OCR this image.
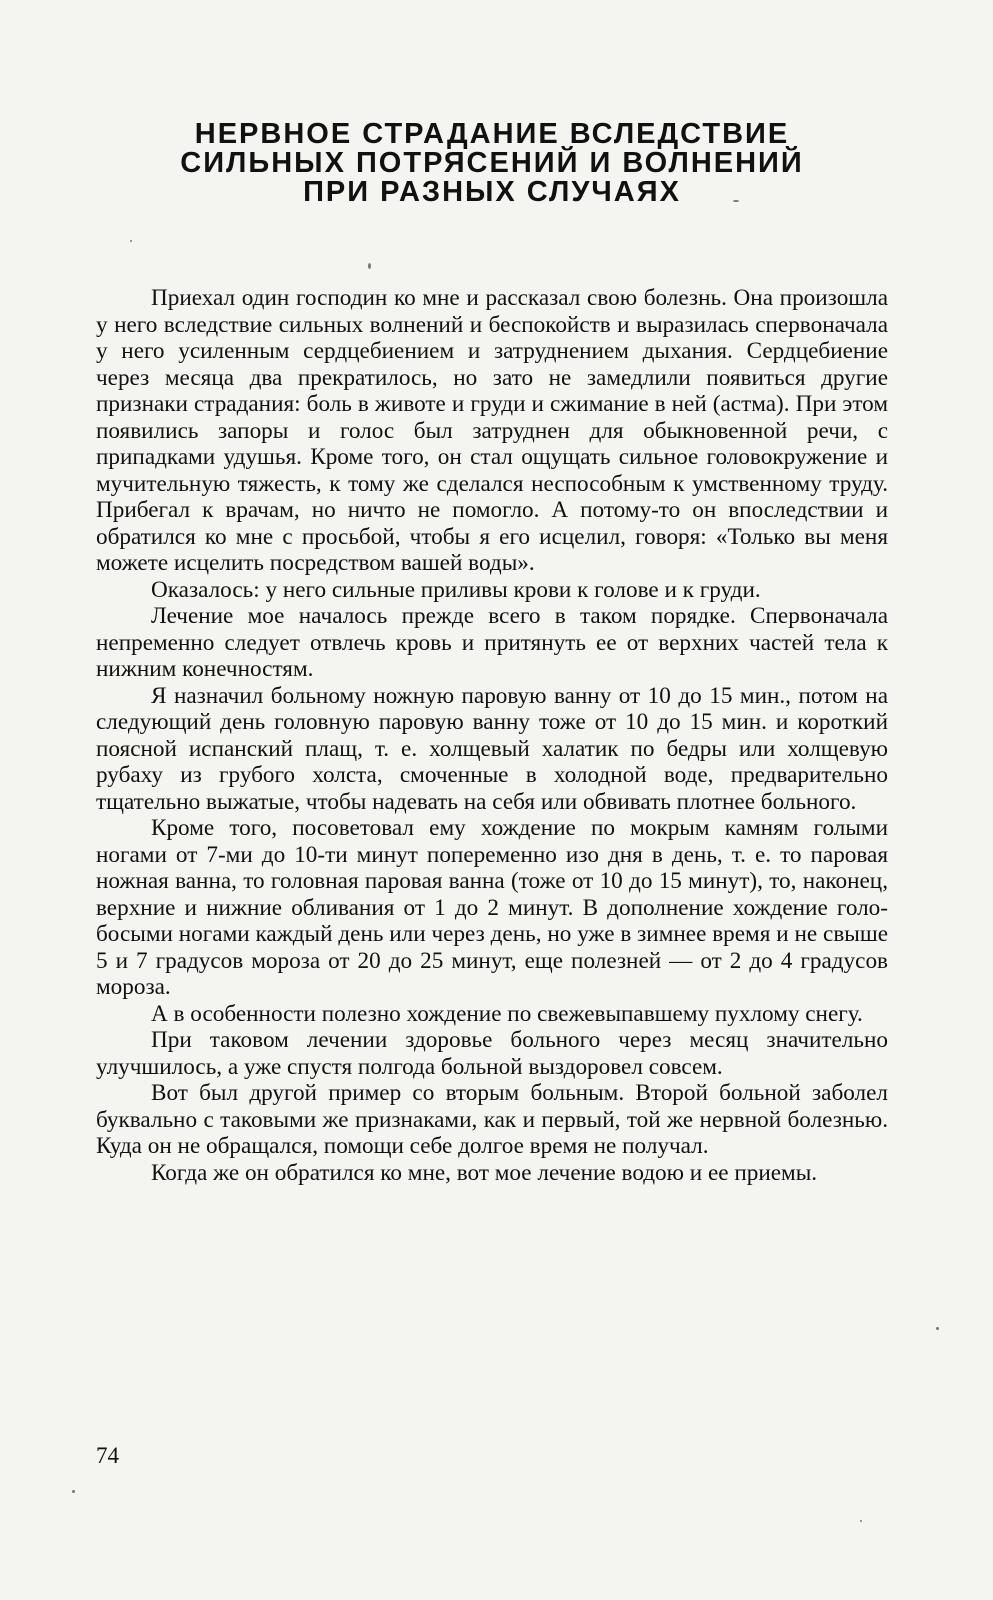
НЕРВНОЕ СТРАДАНИЕ ВСЛЕДСТВИЕ
СИЛЬНЫХ ПОТРЯСЕНИЙ И ВОЛНЕНИЙ
ПРИ РАЗНЫХ СЛУЧАЯХ

Приехал один господин ко мне и рассказал свою болезнь. Она произошла у него вследствие сильных волнений и беспокойств и выразилась спервоначала у него усиленным сердцебиением и затруднением дыхания. Сердцебиение через месяца два прекратилось, но зато не замедлили появиться другие признаки страдания: боль в животе и груди и сжимание в ней (астма). При этом появились запоры и голос был затруднен для обыкновенной речи, с припадками удушья. Кроме того, он стал ощущать сильное головокружение и мучительную тяжесть, к тому же сделался неспособным к умственному труду. Прибегал к врачам, но ничто не помогло. А потому-то он впоследствии и обратился ко мне с просьбой, чтобы я его исцелил, говоря: «Только вы меня можете исцелить посредством вашей воды».

Оказалось: у него сильные приливы крови к голове и к груди.

Лечение мое началось прежде всего в таком порядке. Спервоначала непременно следует отвлечь кровь и притянуть ее от верхних частей тела к нижним конечностям.

Я назначил больному ножную паровую ванну от 10 до 15 мин., потом на следующий день головную паровую ванну тоже от 10 до 15 мин. и короткий поясной испанский плащ, т. е. холщевый халатик по бедры или холщевую рубаху из грубого холста, смоченные в холодной воде, предварительно тщательно выжатые, чтобы надевать на себя или обвивать плотнее больного.

Кроме того, посоветовал ему хождение по мокрым камням голыми ногами от 7-ми до 10-ти минут попеременно изо дня в день, т. е. то паровая ножная ванна, то головная паровая ванна (тоже от 10 до 15 минут), то, наконец, верхние и нижние обливания от 1 до 2 минут. В дополнение хождение голо-босыми ногами каждый день или через день, но уже в зимнее время и не свыше 5 и 7 градусов мороза от 20 до 25 минут, еще полезней — от 2 до 4 градусов мороза.

А в особенности полезно хождение по свежевыпавшему пухлому снегу.

При таковом лечении здоровье больного через месяц значительно улучшилось, а уже спустя полгода больной выздоровел совсем.

Вот был другой пример со вторым больным. Второй больной заболел буквально с таковыми же признаками, как и первый, той же нервной болезнью. Куда он не обращался, помощи себе долгое время не получал.

Когда же он обратился ко мне, вот мое лечение водою и ее приемы.

74
